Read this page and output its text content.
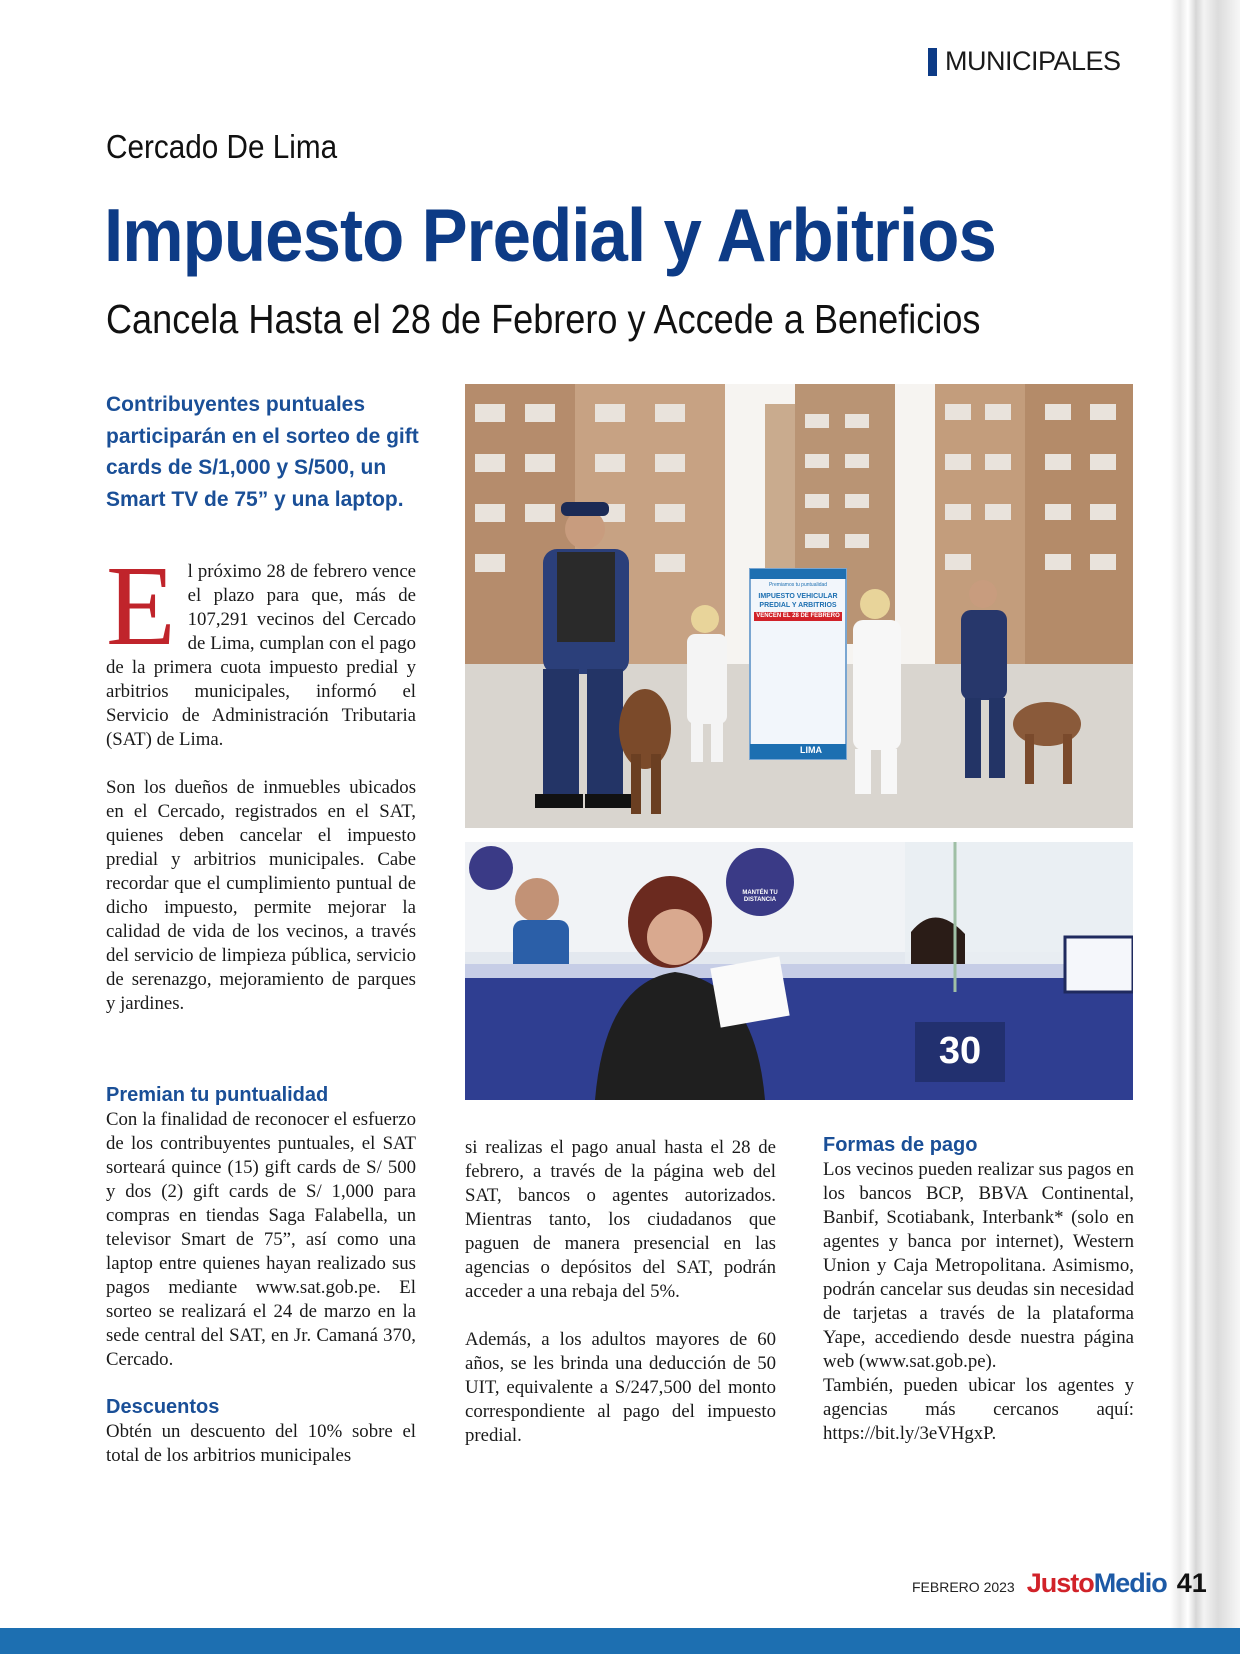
MUNICIPALES
Cercado De Lima
Impuesto Predial y Arbitrios
Cancela Hasta el 28 de Febrero y Accede a Beneficios
Contribuyentes puntuales participarán en el sorteo de gift cards de S/1,000 y S/500, un Smart TV de 75” y una laptop.

El próximo 28 de febrero vence el plazo para que, más de 107,291 vecinos del Cercado de Lima, cumplan con el pago de la primera cuota impuesto predial y arbitrios municipales, informó el Servicio de Administración Tributaria (SAT) de Lima.

Son los dueños de inmuebles ubicados en el Cercado, registrados en el SAT, quienes deben cancelar el impuesto predial y arbitrios municipales. Cabe recordar que el cumplimiento puntual de dicho impuesto, permite mejorar la calidad de vida de los vecinos, a través del servicio de limpieza pública, servicio de serenazgo, mejoramiento de parques y jardines.

Premian tu puntualidad

Con la finalidad de reconocer el esfuerzo de los contribuyentes puntuales, el SAT sorteará quince (15) gift cards de S/ 500 y dos (2) gift cards de S/ 1,000 para compras en tiendas Saga Falabella, un televisor Smart de 75”, así como una laptop entre quienes hayan realizado sus pagos mediante www.sat.gob.pe. El sorteo se realizará el 24 de marzo en la sede central del SAT, en Jr. Camaná 370, Cercado.

Descuentos

Obtén un descuento del 10% sobre el total de los arbitrios municipales

si realizas el pago anual hasta el 28 de febrero, a través de la página web del SAT, bancos o agentes autorizados. Mientras tanto, los ciudadanos que paguen de manera presencial en las agencias o depósitos del SAT, podrán acceder a una rebaja del 5%.

Además, a los adultos mayores de 60 años, se les brinda una deducción de 50 UIT, equivalente a S/247,500 del monto correspondiente al pago del impuesto predial.

Formas de pago

Los vecinos pueden realizar sus pagos en los bancos BCP, BBVA Continental, Banbif, Scotiabank, Interbank* (solo en agentes y banca por internet), Western Union y Caja Metropolitana. Asimismo, podrán cancelar sus deudas sin necesidad de tarjetas a través de la plataforma Yape, accediendo desde nuestra página web (www.sat.gob.pe).

También, pueden ubicar los agentes y agencias más cercanos aquí: https://bit.ly/3eVHgxP.

Premiamos tu puntualidad
IMPUESTO VEHICULAR
PREDIAL Y ARBITRIOS
VENCEN EL 28 DE FEBRERO
LIMA
MANTÉN TU DISTANCIA
30
FEBRERO 2023 Justo Medio 41
